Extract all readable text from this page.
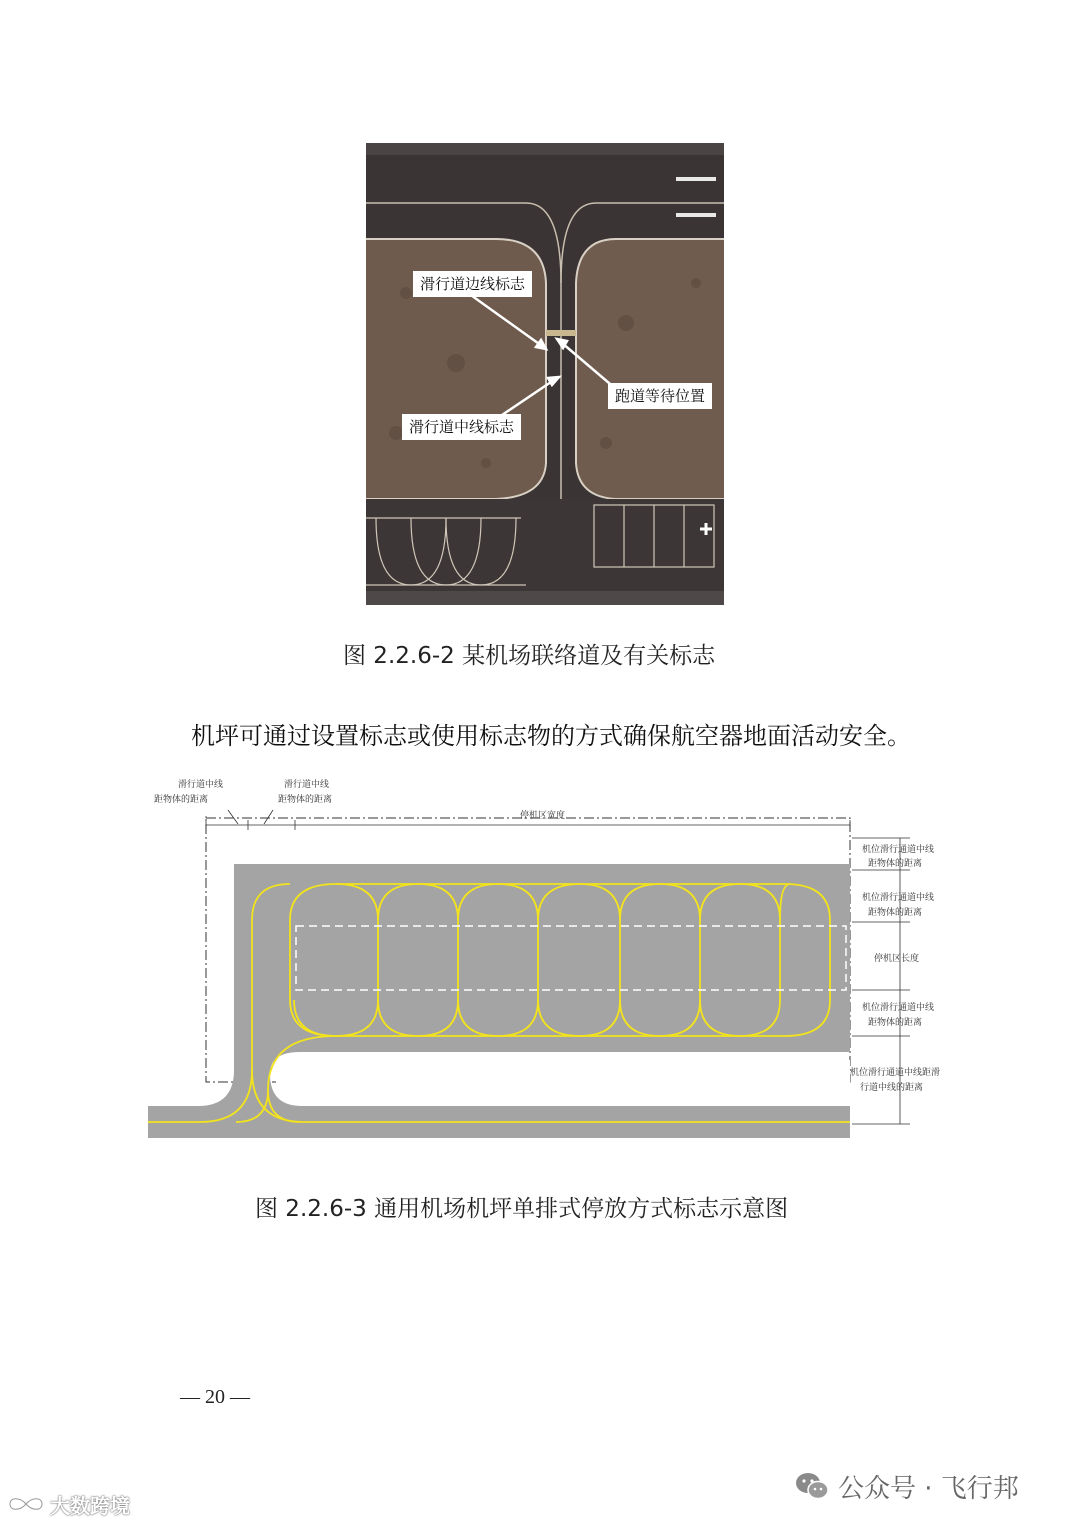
滑行道边线标志
跑道等待位置
滑行道中线标志
图 2.2.6-2 某机场联络道及有关标志
机坪可通过设置标志或使用标志物的方式确保航空器地面活动安全。
滑行道中线
距物体的距离
滑行道中线
距物体的距离
停机区宽度
机位滑行通道中线
距物体的距离
机位滑行通道中线
距物体的距离
停机区长度
机位滑行通道中线
距物体的距离
机位滑行通道中线距滑
行道中线的距离
图 2.2.6-3 通用机场机坪单排式停放方式标志示意图
— 20 —
公众号 · 飞行邦
大数跨境
